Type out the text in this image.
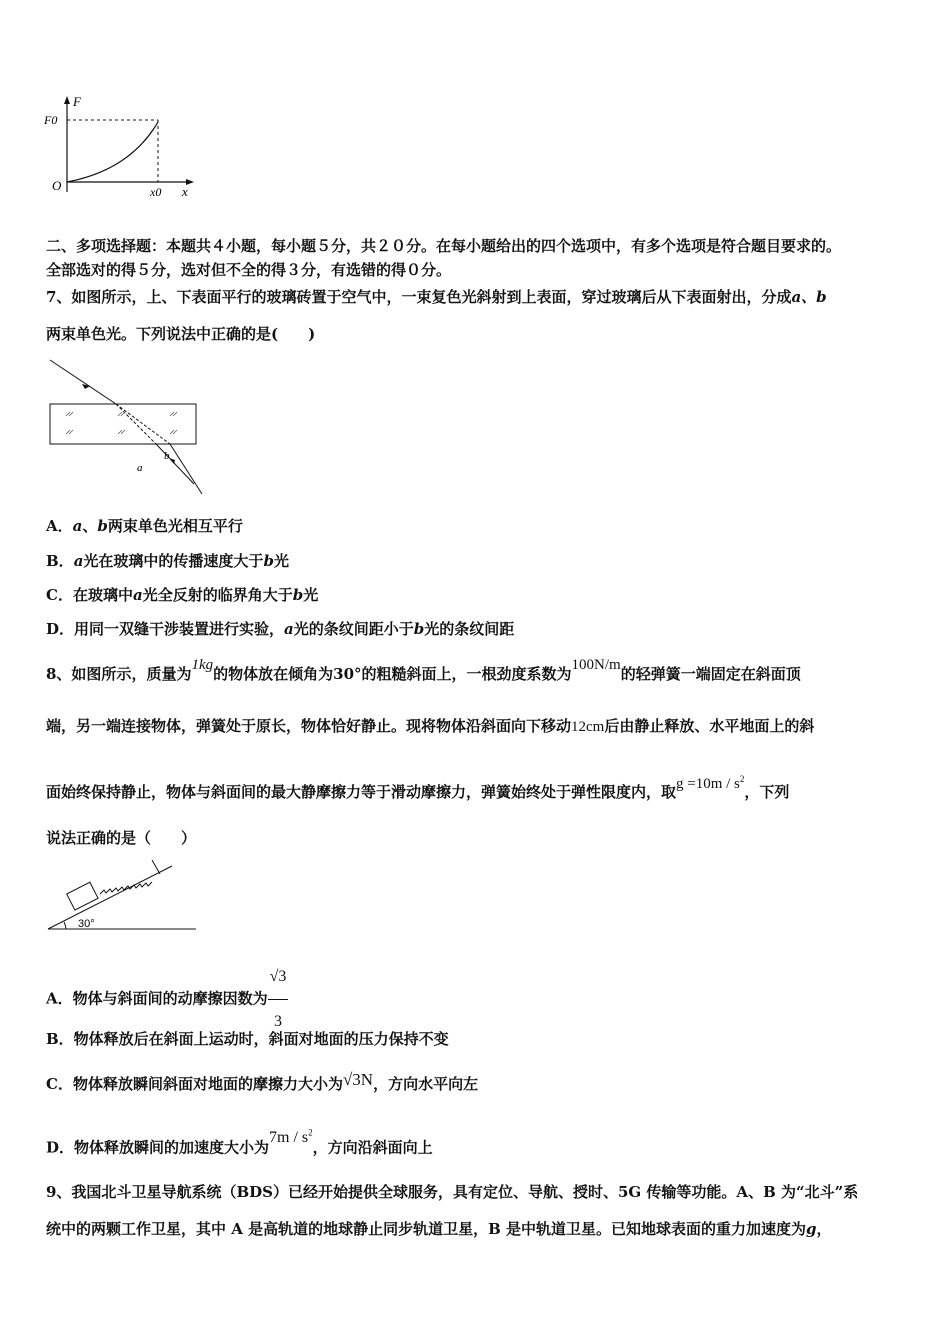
F
F0
O	x0 x
二、多项选择题：本题共４小题，每小题５分，共２０分。在每小题给出的四个选项中，有多个选项是符合题目要求的。
全部选对的得５分，选对但不全的得３分，有选错的得０分。
7、如图所示，上、下表面平行的玻璃砖置于空气中，一束复色光斜射到上表面，穿过玻璃后从下表面射出，分成a、b
两束单色光。下列说法中正确的是(　　)
a
b
A．a、b两束单色光相互平行
B．a光在玻璃中的传播速度大于b光
C．在玻璃中a光全反射的临界角大于b光
D．用同一双缝干涉装置进行实验，a光的条纹间距小于b光的条纹间距
8、如图所示，质量为1kg的物体放在倾角为30°的粗糙斜面上，一根劲度系数为100N/m的轻弹簧一端固定在斜面顶
端，另一端连接物体，弹簧处于原长，物体恰好静止。现将物体沿斜面向下移动12cm后由静止释放、水平地面上的斜
面始终保持静止，物体与斜面间的最大静摩擦力等于滑动摩擦力，弹簧始终处于弹性限度内，取$g =10m / s^2$，下列
说法正确的是（　　）
30°
A．物体与斜面间的动摩擦因数为 $\frac{√3}{3}$
B．物体释放后在斜面上运动时，斜面对地面的压力保持不变
C．物体释放瞬间斜面对地面的摩擦力大小为√3N，方向水平向左
D．物体释放瞬间的加速度大小为$7m / s^2$，方向沿斜面向上
9、我国北斗卫星导航系统（BDS）已经开始提供全球服务，具有定位、导航、授时、5G 传输等功能。A、B 为“北斗”系
统中的两颗工作卫星，其中 A 是高轨道的地球静止同步轨道卫星，B 是中轨道卫星。已知地球表面的重力加速度为g，
